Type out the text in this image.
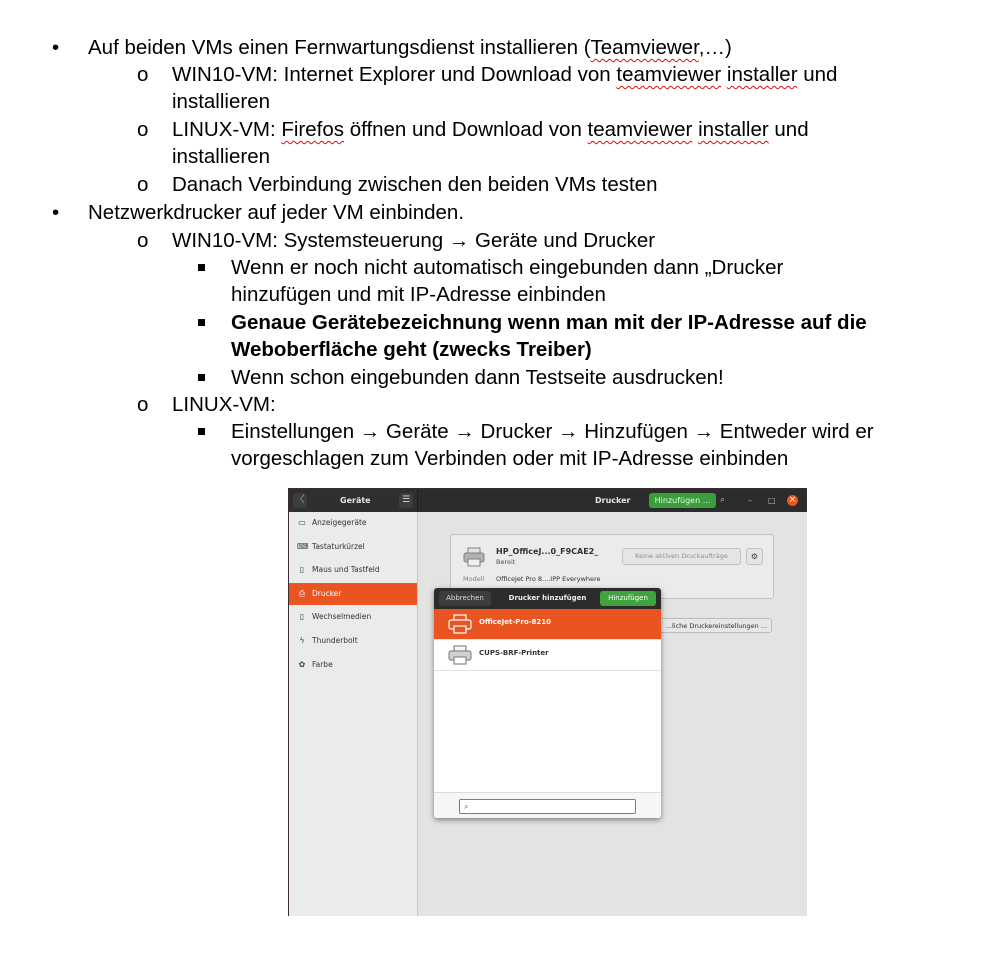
• Auf beiden VMs einen Fernwartungsdienst installieren (Teamviewer,…)
o WIN10-VM: Internet Explorer und Download von teamviewer installer und
installieren
o LINUX-VM: Firefos öffnen und Download von teamviewer installer und
installieren
o Danach Verbindung zwischen den beiden VMs testen
• Netzwerkdrucker auf jeder VM einbinden.
o WIN10-VM: Systemsteuerung → Geräte und Drucker
Wenn er noch nicht automatisch eingebunden dann „Drucker
hinzufügen und mit IP-Adresse einbinden
Genaue Gerätebezeichnung wenn man mit der IP-Adresse auf die
Weboberfläche geht (zwecks Treiber)
Wenn schon eingebunden dann Testseite ausdrucken!
o LINUX-VM:
Einstellungen → Geräte → Drucker → Hinzufügen → Entweder wird er
vorgeschlagen zum Verbinden oder mit IP-Adresse einbinden
〈	Geräte	☰	Drucker	Hinzufügen ...	⌕	– □ ×
▭ Anzeigegeräte
⌨ Tastaturkürzel
▯	Maus und Tastfeld
⎙ Drucker
▯	Wechselmedien
ϟ Thunderbolt
✿ Farbe
HP_OfficeJ...0_F9CAE2_
Bereit
Keine aktiven Druckaufträge	⚙
Modell OfficeJet Pro 8....IPP Everywhere
...liche Druckereinstellungen ...
Drucker hinzufügen
Abbrechen	Hinzufügen
OfficeJet-Pro-8210
CUPS-BRF-Printer
⌕
